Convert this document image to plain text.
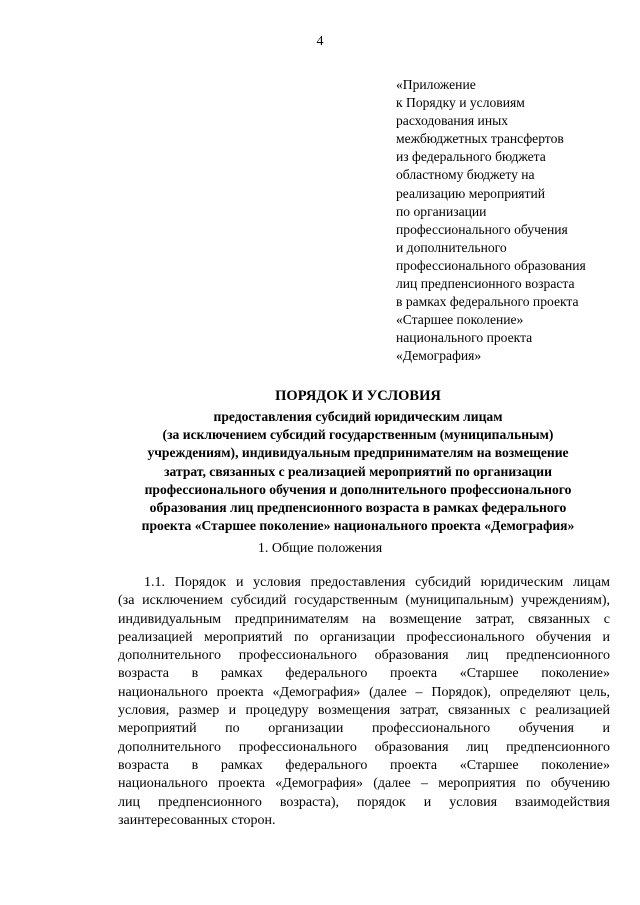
4
«Приложение
к Порядку и условиям
расходования иных
межбюджетных трансфертов
из федерального бюджета
областному бюджету на
реализацию мероприятий
по организации
профессионального обучения
и дополнительного
профессионального образования
лиц предпенсионного возраста
в рамках федерального проекта
«Старшее поколение»
национального проекта
«Демография»
ПОРЯДОК И УСЛОВИЯ
предоставления субсидий юридическим лицам
(за исключением субсидий государственным (муниципальным)
учреждениям), индивидуальным предпринимателям на возмещение
затрат, связанных с реализацией мероприятий по организации
профессионального обучения и дополнительного профессионального
образования лиц предпенсионного возраста в рамках федерального
проекта «Старшее поколение» национального проекта «Демография»
1. Общие положения
1.1. Порядок и условия предоставления субсидий юридическим лицам
(за исключением субсидий государственным (муниципальным) учреждениям),
индивидуальным предпринимателям на возмещение затрат, связанных с
реализацией мероприятий по организации профессионального обучения и
дополнительного профессионального образования лиц предпенсионного
возраста в рамках федерального проекта «Старшее поколение»
национального проекта «Демография» (далее – Порядок), определяют цель,
условия, размер и процедуру возмещения затрат, связанных с реализацией
мероприятий по организации профессионального обучения и
дополнительного профессионального образования лиц предпенсионного
возраста в рамках федерального проекта «Старшее поколение»
национального проекта «Демография» (далее – мероприятия по обучению
лиц предпенсионного возраста), порядок и условия взаимодействия
заинтересованных сторон.
